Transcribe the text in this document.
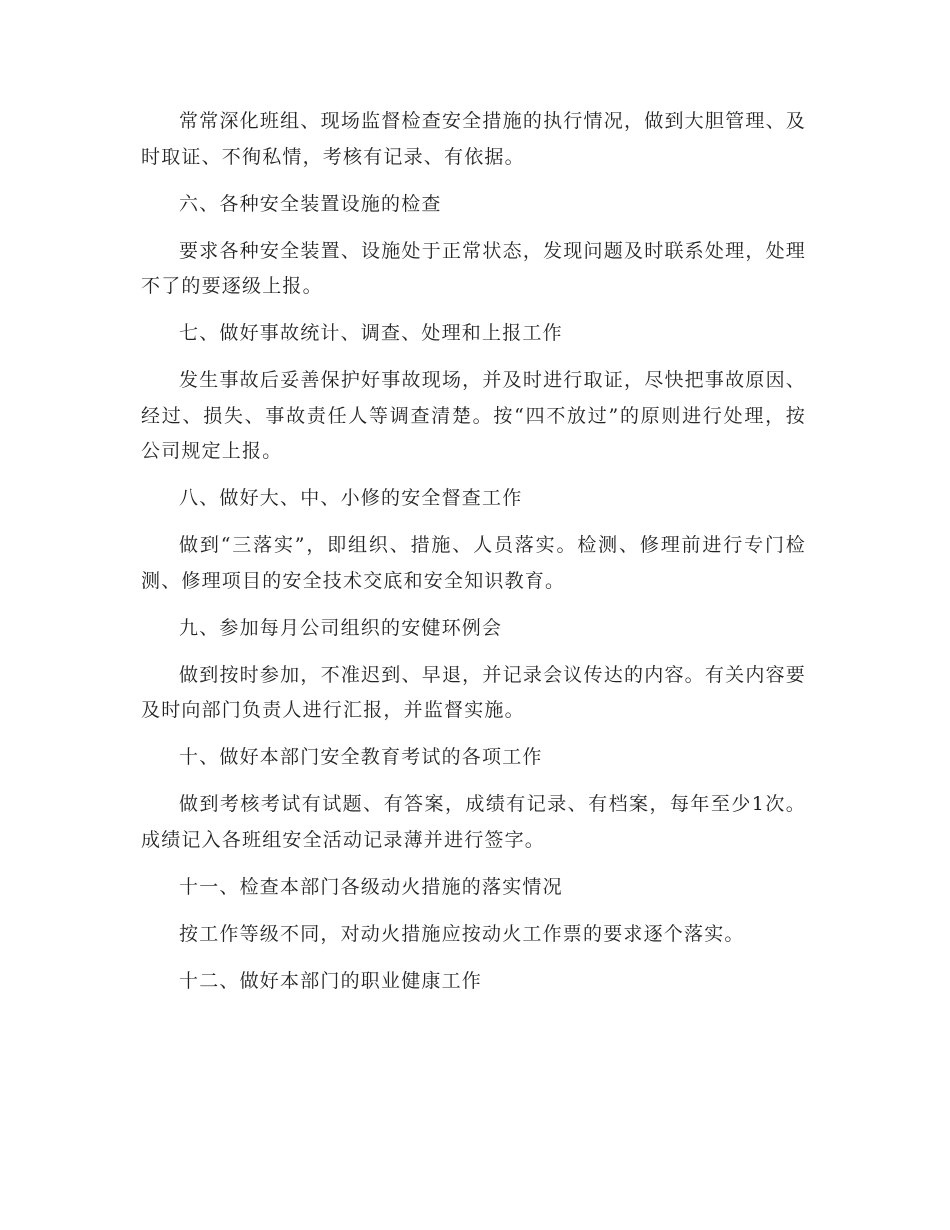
常常深化班组、现场监督检查安全措施的执行情况，做到大胆管理、及时取证、不徇私情，考核有记录、有依据。

六、各种安全装置设施的检查

要求各种安全装置、设施处于正常状态，发现问题及时联系处理，处理不了的要逐级上报。

七、做好事故统计、调查、处理和上报工作

发生事故后妥善保护好事故现场，并及时进行取证，尽快把事故原因、经过、损失、事故责任人等调查清楚。按“四不放过”的原则进行处理，按公司规定上报。

八、做好大、中、小修的安全督查工作

做到“三落实”，即组织、措施、人员落实。检测、修理前进行专门检测、修理项目的安全技术交底和安全知识教育。

九、参加每月公司组织的安健环例会

做到按时参加，不准迟到、早退，并记录会议传达的内容。有关内容要及时向部门负责人进行汇报，并监督实施。

十、做好本部门安全教育考试的各项工作

做到考核考试有试题、有答案，成绩有记录、有档案，每年至少1次。成绩记入各班组安全活动记录薄并进行签字。

十一、检查本部门各级动火措施的落实情况

按工作等级不同，对动火措施应按动火工作票的要求逐个落实。

十二、做好本部门的职业健康工作
